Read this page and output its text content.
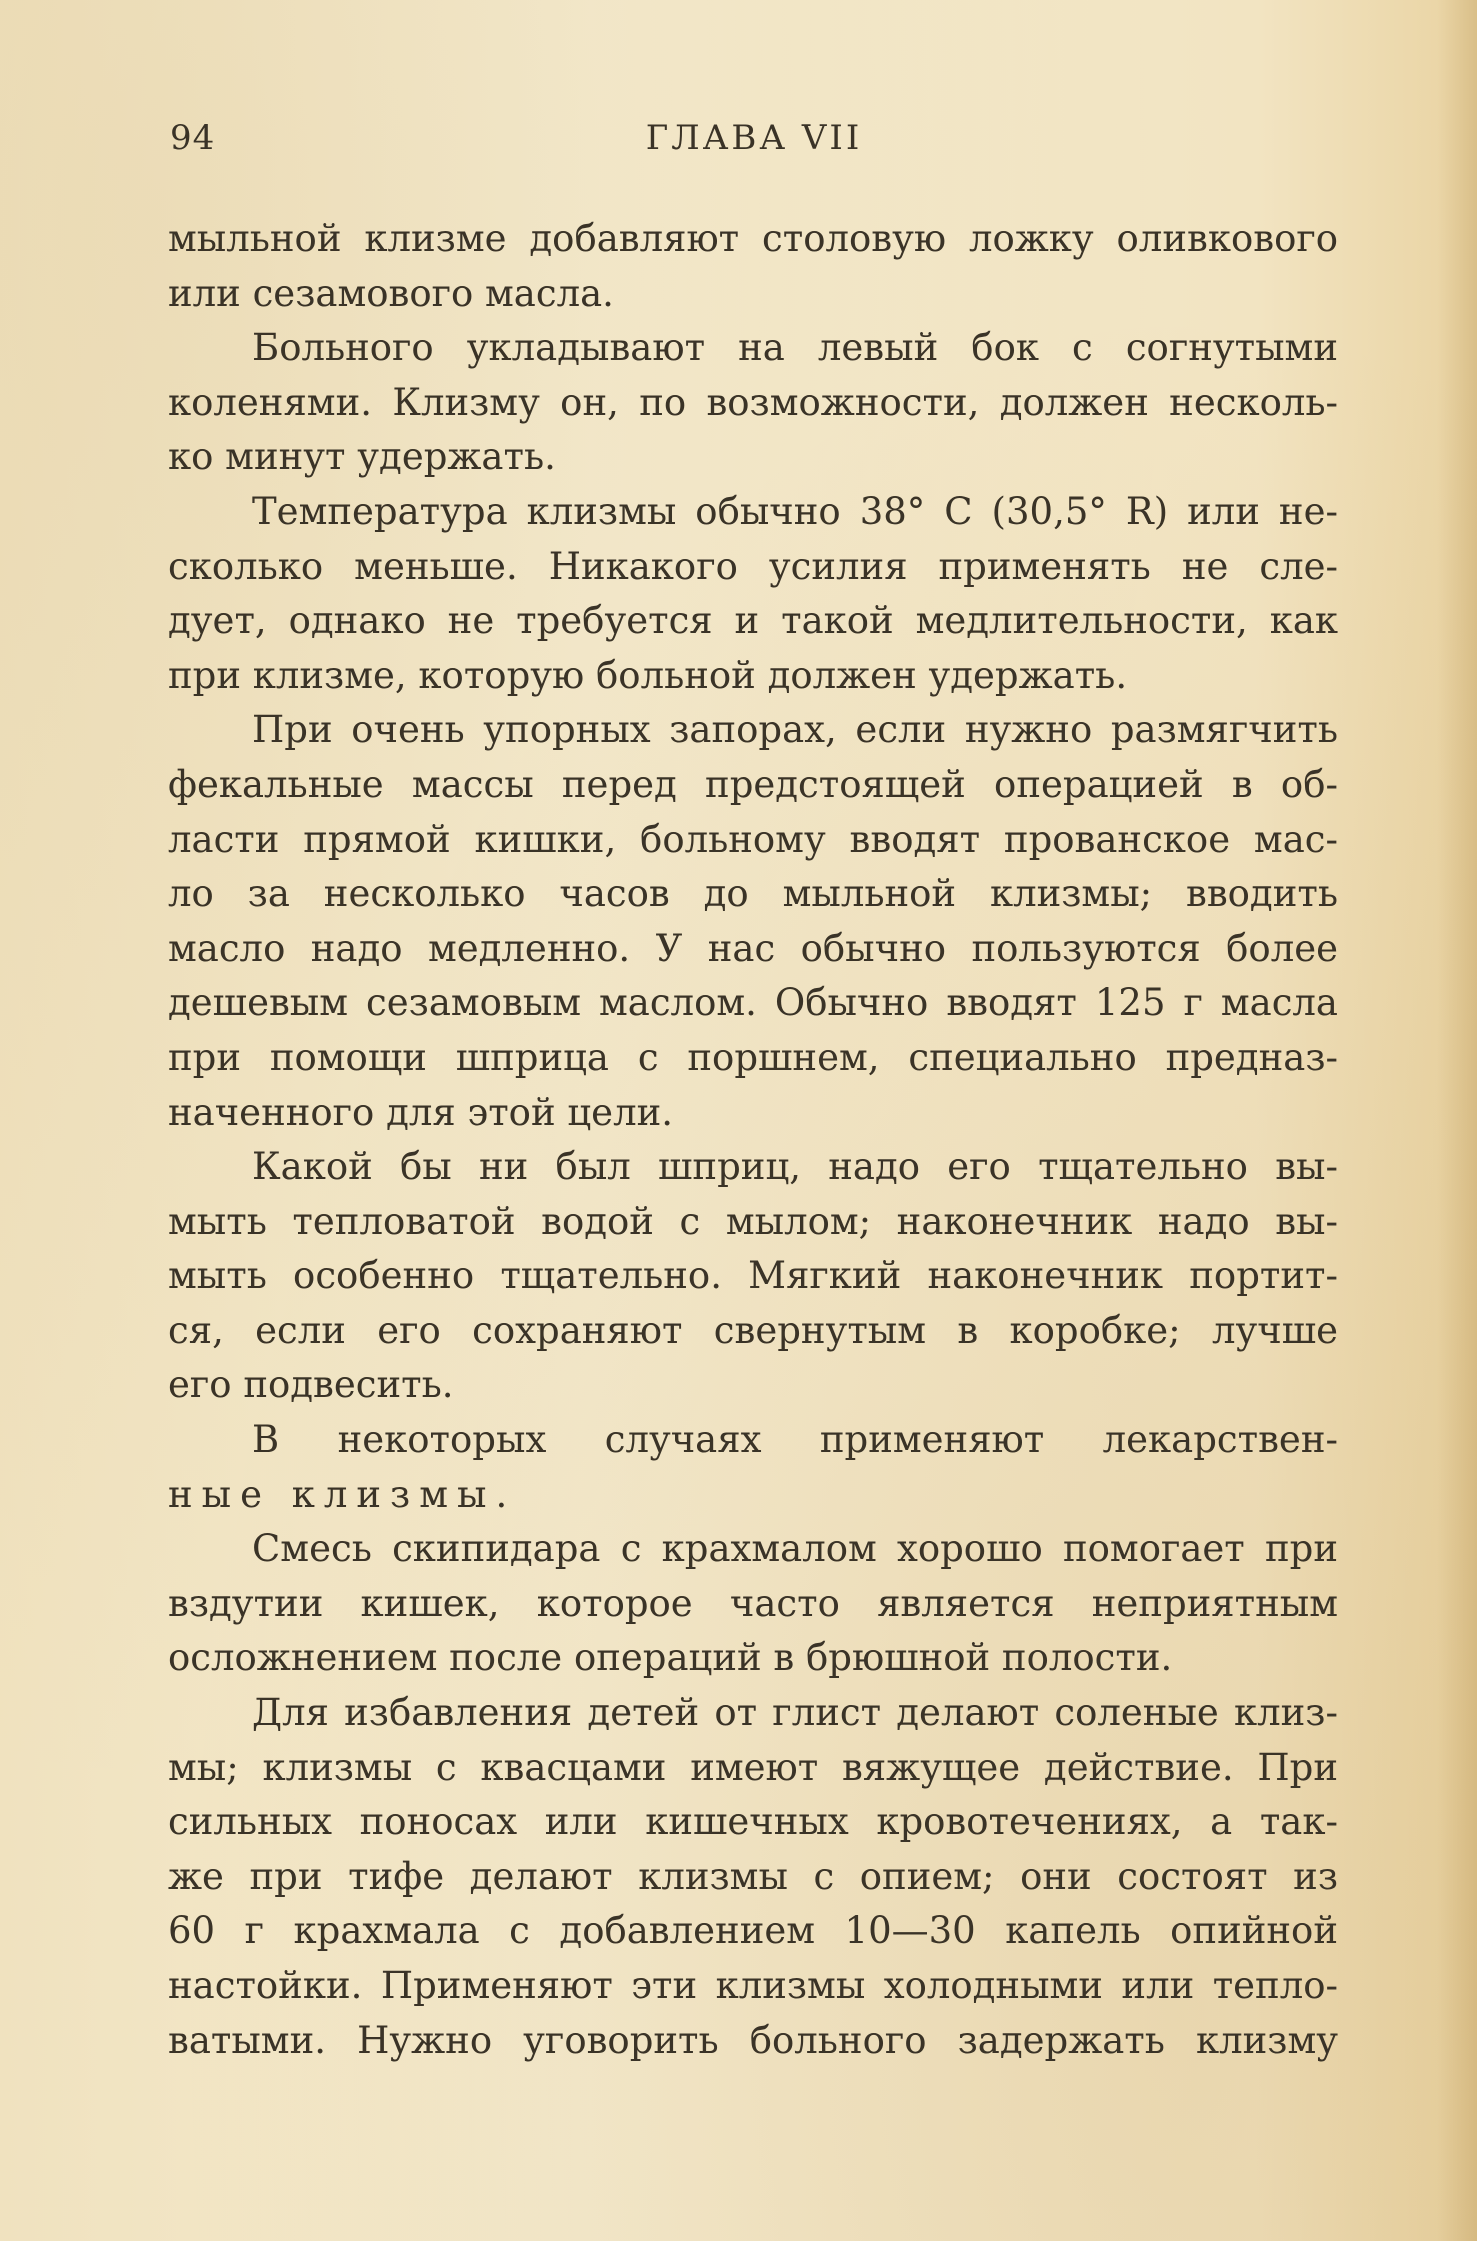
94	ГЛАВА VII

мыльной клизме добавляют столовую ложку оливкового
или сезамового масла.

Больного укладывают на левый бок с согнутыми
коленями. Клизму он, по возможности, должен несколь-
ко минут удержать.

Температура клизмы обычно 38° С (30,5° R) или не-
сколько меньше. Никакого усилия применять не сле-
дует, однако не требуется и такой медлительности, как
при клизме, которую больной должен удержать.

При очень упорных запорах, если нужно размягчить
фекальные массы перед предстоящей операцией в об-
ласти прямой кишки, больному вводят прованское мас-
ло за несколько часов до мыльной клизмы; вводить
масло надо медленно. У нас обычно пользуются более
дешевым сезамовым маслом. Обычно вводят 125 г масла
при помощи шприца с поршнем, специально предназ-
наченного для этой цели.

Какой бы ни был шприц, надо его тщательно вы-
мыть тепловатой водой с мылом; наконечник надо вы-
мыть особенно тщательно. Мягкий наконечник портит-
ся, если его сохраняют свернутым в коробке; лучше
его подвесить.

В некоторых случаях применяют лекарствен-
ные клизмы.

Смесь скипидара с крахмалом хорошо помогает при
вздутии кишек, которое часто является неприятным
осложнением после операций в брюшной полости.

Для избавления детей от глист делают соленые клиз-
мы; клизмы с квасцами имеют вяжущее действие. При
сильных поносах или кишечных кровотечениях, а так-
же при тифе делают клизмы с опием; они состоят из
60 г крахмала с добавлением 10—30 капель опийной
настойки. Применяют эти клизмы холодными или тепло-
ватыми. Нужно уговорить больного задержать клизму
